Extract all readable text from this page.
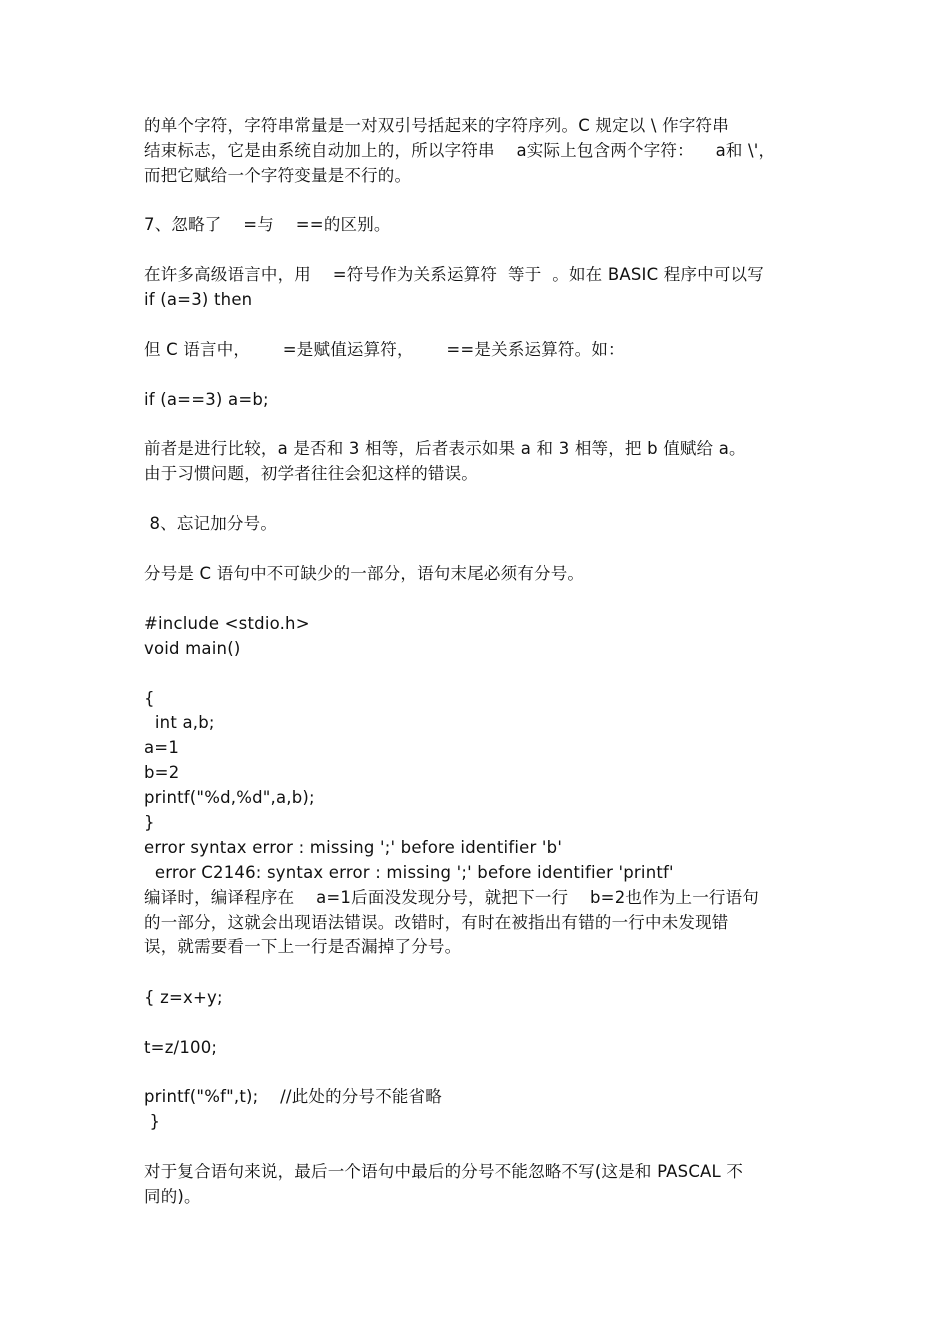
的单个字符，字符串常量是一对双引号括起来的字符序列。C 规定以 \ 作字符串

结束标志，它是由系统自动加上的，所以字符串    a实际上包含两个字符：    a和 \'，

而把它赋给一个字符变量是不行的。

7、忽略了    =与    ==的区别。

在许多高级语言中，用    =符号作为关系运算符  等于  。如在 BASIC 程序中可以写

if (a=3) then

但 C 语言中，      =是赋值运算符，      ==是关系运算符。如：

if (a==3) a=b;

前者是进行比较，a 是否和 3 相等，后者表示如果 a 和 3 相等，把 b 值赋给 a。

由于习惯问题，初学者往往会犯这样的错误。

8、忘记加分号。

分号是 C 语句中不可缺少的一部分，语句末尾必须有分号。

#include <stdio.h>

void main()

{

int a,b;

a=1

b=2

printf("%d,%d",a,b);

}

error syntax error : missing ';' before identifier 'b'

error C2146: syntax error : missing ';' before identifier 'printf'

编译时，编译程序在    a=1后面没发现分号，就把下一行    b=2也作为上一行语句

的一部分，这就会出现语法错误。改错时，有时在被指出有错的一行中未发现错

误，就需要看一下上一行是否漏掉了分号。

{ z=x+y;

t=z/100;

printf("%f",t);    //此处的分号不能省略

}

对于复合语句来说，最后一个语句中最后的分号不能忽略不写(这是和 PASCAL 不

同的)。
